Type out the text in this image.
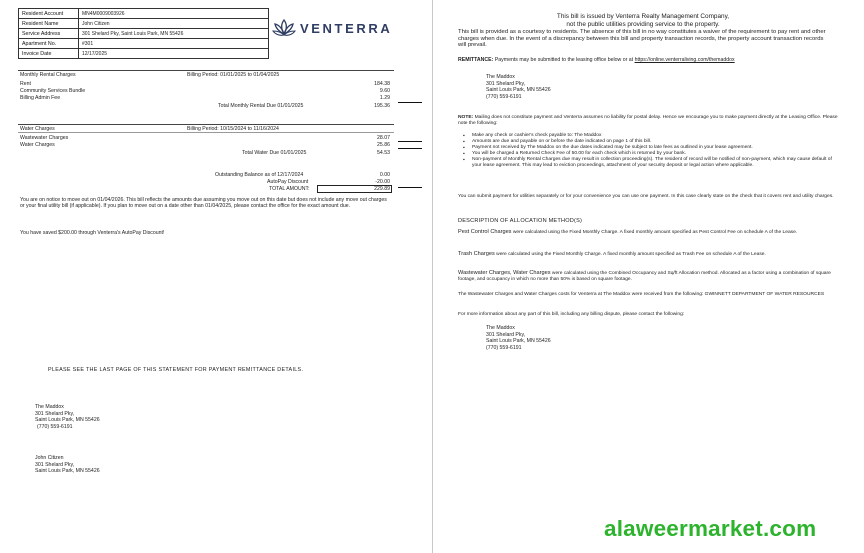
Resident Account	MN4M0009003926
Resident Name	John Citizen
Service Address	301 Shelard Pky, Saint Louis Park, MN 55426
Apartment No.	#301
Invoice Date	12/17/2025
VENTERRA
Monthly Rental Charges	Billing Period: 01/01/2025 to 01/04/2025
Rent	184.38
Community Services Bundle	9.60
Billing Admin Fee	1.29
Total Monthly Rental Due 01/01/2025	195.36
Water Charges	Billing Period: 10/15/2024 to 11/16/2024
Wastewater Charges	28.07
Water Charges	25.86
Total Water Due 01/01/2025	54.53
Outstanding Balance as of 12/17/2024	0.00
AutoPay Discount	-20.00
TOTAL AMOUNT:	229.89
You are on notice to move out on 01/04/2026. This bill reflects the amounts due assuming you move out on this date but does not include any move out charges or your final utility bill (if applicable). If you plan to move out on a date other than 01/04/2025, please contact the office for the exact amount due.
You have saved $200.00 through Venterra's AutoPay Discount!
PLEASE SEE THE LAST PAGE OF THIS STATEMENT FOR PAYMENT REMITTANCE DETAILS.
The Maddox
301 Shelard Pky,
Saint Louis Park, MN 55426
(770) 559-6191
John Citizen
301 Shelard Pky,
Saint Louis Park, MN 55426
This bill is issued by Venterra Realty Management Company,
not the public utilities providing service to the property.
This bill is provided as a courtesy to residents. The absence of this bill in no way constitutes a waiver of the requirement to pay rent and other charges when due. In the event of a discrepancy between this bill and property transaction records, the property account transaction records will prevail.
REMITTANCE: Payments may be submitted to the leasing office below or at https://online.venterraliving.com/themaddox
The Maddox
301 Shelard Pky,
Saint Louis Park, MN 55426
(770) 559-6191
NOTE: Mailing does not constitute payment and Venterra assumes no liability for postal delay. Hence we encourage you to make payment directly at the Leasing Office. Please note the following:
▪ Make any check or cashier's check payable to: The Maddox
▪ Amounts are due and payable on or before the date indicated on page 1 of this bill.
▪ Payment not received by The Maddox on the due dates indicated may be subject to late fees as outlined in your lease agreement.
▪ You will be charged a Returned Check Fee of 50.00 for each check which is returned by your bank.
▪ Non-payment of Monthly Rental Charges due may result in collection proceeding(s). The resident of record will be notified of non-payment, which may cause default of your lease agreement. This may lead to eviction proceedings, attachment of your security deposit or legal action where applicable.
You can submit payment for utilities separately or for your convenience you can use one payment. In this case clearly state on the check that it covers rent and utility charges.
DESCRIPTION OF ALLOCATION METHOD(S)
Pest Control Charges were calculated using the Fixed Monthly Charge. A fixed monthly amount specified as Pest Control Fee on schedule A of the Lease.
Trash Charges were calculated using the Fixed Monthly Charge. A fixed monthly amount specified as Trash Fee on schedule A of the Lease.
Wastewater Charges, Water Charges were calculated using the Combined Occupancy and Sq/ft Allocation method. Allocated as a factor using a combination of square footage, and occupancy in which no more than 50% is based on square footage.
The Wastewater Charges and Water Charges costs for Venterra at The Maddox were received from the following: GWINNETT DEPARTMENT OF WATER RESOURCES
For more information about any part of this bill, including any billing dispute, please contact the following:
The Maddox
301 Shelard Pky,
Saint Louis Park, MN 55426
(770) 559-6191
alaweermarket.com
